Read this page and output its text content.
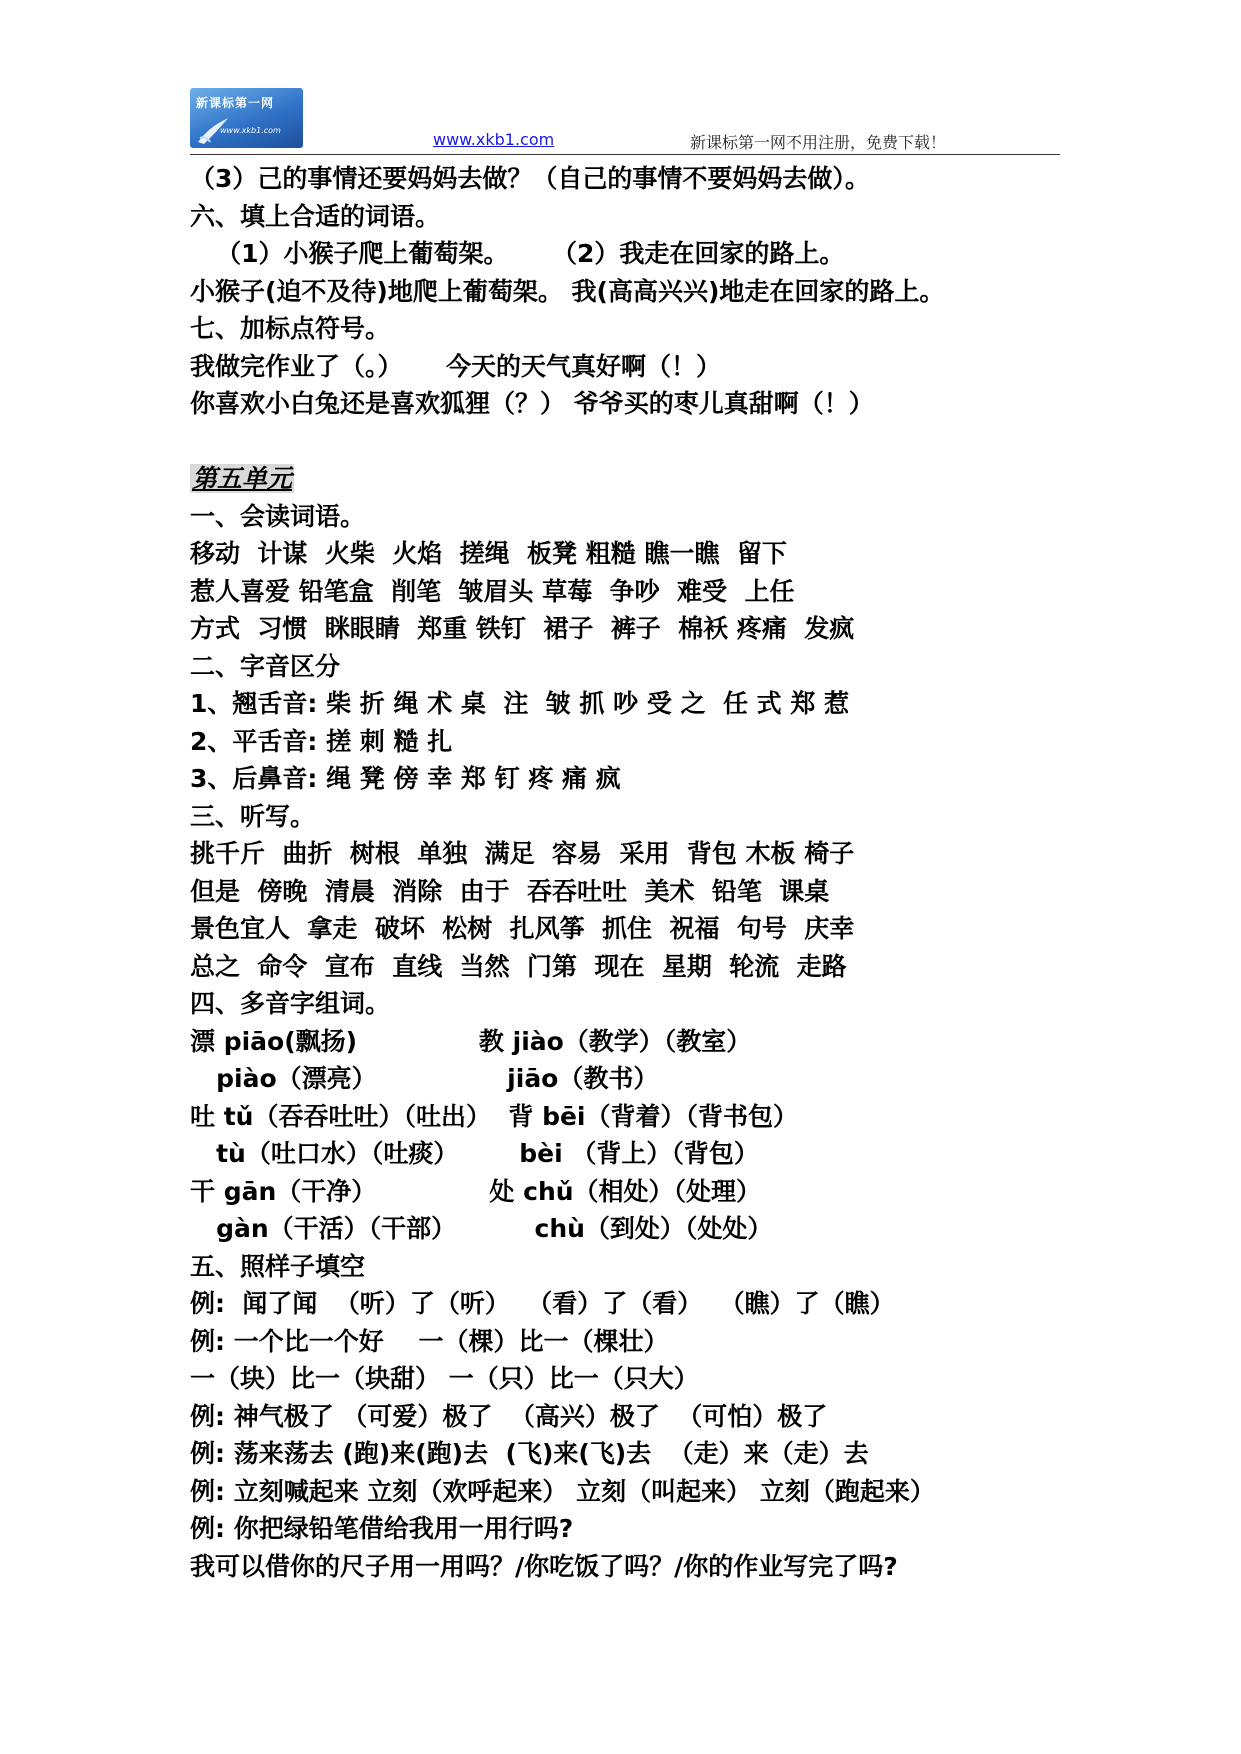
新课标第一网
www.xkb1.com	www.xkb1.com	新课标第一网不用注册，免费下载！
（3）己的事情还要妈妈去做？（自己的事情不要妈妈去做）。
六、填上合适的词语。
（1）小猴子爬上葡萄架。     （2）我走在回家的路上。
小猴子(迫不及待)地爬上葡萄架。 我(高高兴兴)地走在回家的路上。
七、加标点符号。
我做完作业了（。）     今天的天气真好啊（！）
你喜欢小白兔还是喜欢狐狸（？） 爷爷买的枣儿真甜啊（！）
第五单元
一、会读词语。
移动  计谋  火柴  火焰  搓绳  板凳 粗糙 瞧一瞧  留下
惹人喜爱 铅笔盒  削笔  皱眉头 草莓  争吵  难受  上任
方式  习惯  眯眼睛  郑重 铁钉  裙子  裤子  棉袄 疼痛  发疯
二、字音区分
1、翘舌音: 柴 折 绳 术 桌  注  皱 抓 吵 受 之  任 式 郑 惹
2、平舌音: 搓 刺 糙 扎
3、后鼻音: 绳 凳 傍 幸 郑 钉 疼 痛 疯
三、听写。
挑千斤  曲折  树根  单独  满足  容易  采用  背包 木板 椅子
但是  傍晚  清晨  消除  由于  吞吞吐吐  美术  铅笔  课桌
景色宜人  拿走  破坏  松树  扎风筝  抓住  祝福  句号  庆幸
总之  命令  宣布  直线  当然  门第  现在  星期  轮流  走路
四、多音字组词。
漂 piāo(飘扬)              教 jiào（教学）（教室）
piào（漂亮）               jiāo（教书）
吐 tǔ（吞吞吐吐）（吐出）  背 bēi（背着）（背书包）
tù（吐口水）（吐痰）       bèi （背上）（背包）
干 gān（干净）             处 chǔ（相处）（处理）
gàn（干活）（干部）         chù（到处）（处处）
五、照样子填空
例:  闻了闻  （听）了（听）  （看）了（看）  （瞧）了（瞧）
例: 一个比一个好    一（棵）比一（棵壮）
一（块）比一（块甜） 一（只）比一（只大）
例: 神气极了 （可爱）极了  （高兴）极了  （可怕）极了
例: 荡来荡去 (跑)来(跑)去  (飞)来(飞)去  （走）来（走）去
例: 立刻喊起来 立刻（欢呼起来） 立刻（叫起来） 立刻（跑起来）
例: 你把绿铅笔借给我用一用行吗?
我可以借你的尺子用一用吗？/你吃饭了吗？/你的作业写完了吗?
